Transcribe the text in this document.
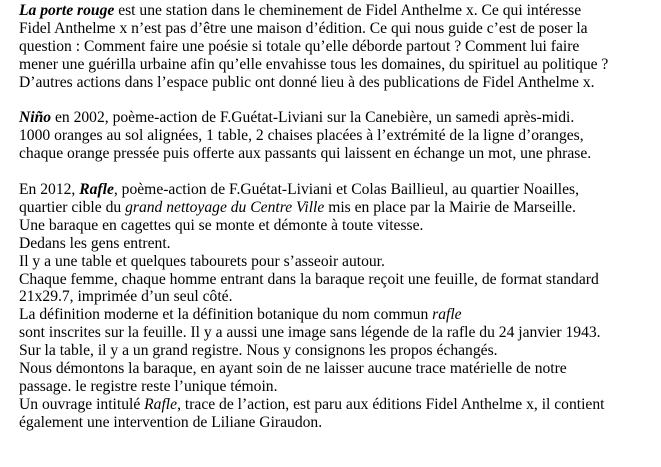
La porte rouge est une station dans le cheminement de Fidel Anthelme x. Ce qui intéresse
Fidel Anthelme x n’est pas d’être une maison d’édition. Ce qui nous guide c’est de poser la
question : Comment faire une poésie si totale qu’elle déborde partout ? Comment lui faire
mener une guérilla urbaine afin qu’elle envahisse tous les domaines, du spirituel au politique ?
D’autres actions dans l’espace public ont donné lieu à des publications de Fidel Anthelme x.

Niño en 2002, poème-action de F.Guétat-Liviani sur la Canebière, un samedi après-midi.
1000 oranges au sol alignées, 1 table, 2 chaises placées à l’extrémité de la ligne d’oranges,
chaque orange pressée puis offerte aux passants qui laissent en échange un mot, une phrase.

En 2012, Rafle, poème-action de F.Guétat-Liviani et Colas Baillieul, au quartier Noailles,
quartier cible du grand nettoyage du Centre Ville mis en place par la Mairie de Marseille.
Une baraque en cagettes qui se monte et démonte à toute vitesse.
Dedans les gens entrent.
Il y a une table et quelques tabourets pour s’asseoir autour.
Chaque femme, chaque homme entrant dans la baraque reçoit une feuille, de format standard
21x29.7, imprimée d’un seul côté.
La définition moderne et la définition botanique du nom commun rafle
sont inscrites sur la feuille. Il y a aussi une image sans légende de la rafle du 24 janvier 1943.
Sur la table, il y a un grand registre. Nous y consignons les propos échangés.
Nous démontons la baraque, en ayant soin de ne laisser aucune trace matérielle de notre
passage. le registre reste l’unique témoin.
Un ouvrage intitulé Rafle, trace de l’action, est paru aux éditions Fidel Anthelme x, il contient
également une intervention de Liliane Giraudon.
